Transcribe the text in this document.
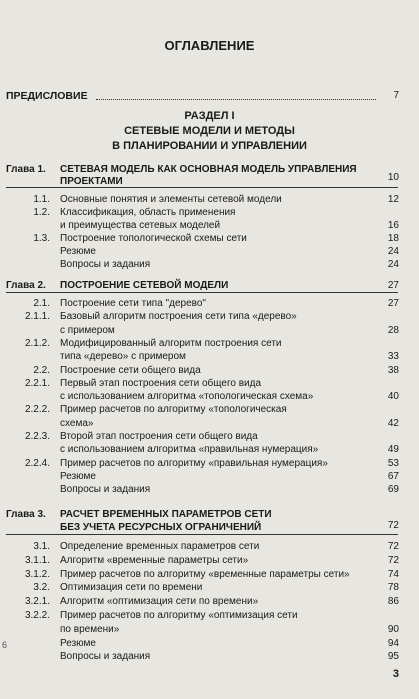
ОГЛАВЛЕНИЕ
ПРЕДИСЛОВИЕ	7
РАЗДЕЛ I
СЕТЕВЫЕ МОДЕЛИ И МЕТОДЫ
В ПЛАНИРОВАНИИ И УПРАВЛЕНИИ
Глава 1. СЕТЕВАЯ МОДЕЛЬ КАК ОСНОВНАЯ МОДЕЛЬ УПРАВЛЕНИЯ
ПРОЕКТАМИ	10
1.1. Основные понятия и элементы сетевой модели	12
1.2. Классификация, область применения
и преимущества сетевых моделей	16
1.3. Построение топологической схемы сети	18
Резюме	24
Вопросы и задания	24
Глава 2. ПОСТРОЕНИЕ СЕТЕВОЙ МОДЕЛИ	27
2.1. Построение сети типа "дерево"	27
2.1.1. Базовый алгоритм построения сети типа «дерево»
с примером	28
2.1.2. Модифицированный алгоритм построения сети
типа «дерево» с примером	33
2.2. Построение сети общего вида	38
2.2.1. Первый этап построения сети общего вида
с использованием алгоритма «топологическая схема»	40
2.2.2. Пример расчетов по алгоритму «топологическая
схема»	42
2.2.3. Второй этап построения сети общего вида
с использованием алгоритма «правильная нумерация»	49
2.2.4. Пример расчетов по алгоритму «правильная нумерация»	53
Резюме	67
Вопросы и задания	69
Глава 3. РАСЧЕТ ВРЕМЕННЫХ ПАРАМЕТРОВ СЕТИ
БЕЗ УЧЕТА РЕСУРСНЫХ ОГРАНИЧЕНИЙ	72
3.1. Определение временных параметров сети	72
3.1.1. Алгоритм «временные параметры сети»	72
3.1.2. Пример расчетов по алгоритму «временные параметры сети»	74
3.2. Оптимизация сети по времени	78
3.2.1. Алгоритм «оптимизация сети по времени»	86
3.2.2. Пример расчетов по алгоритму «оптимизация сети
по времени»	90
Резюме	94
Вопросы и задания	95
6
3
